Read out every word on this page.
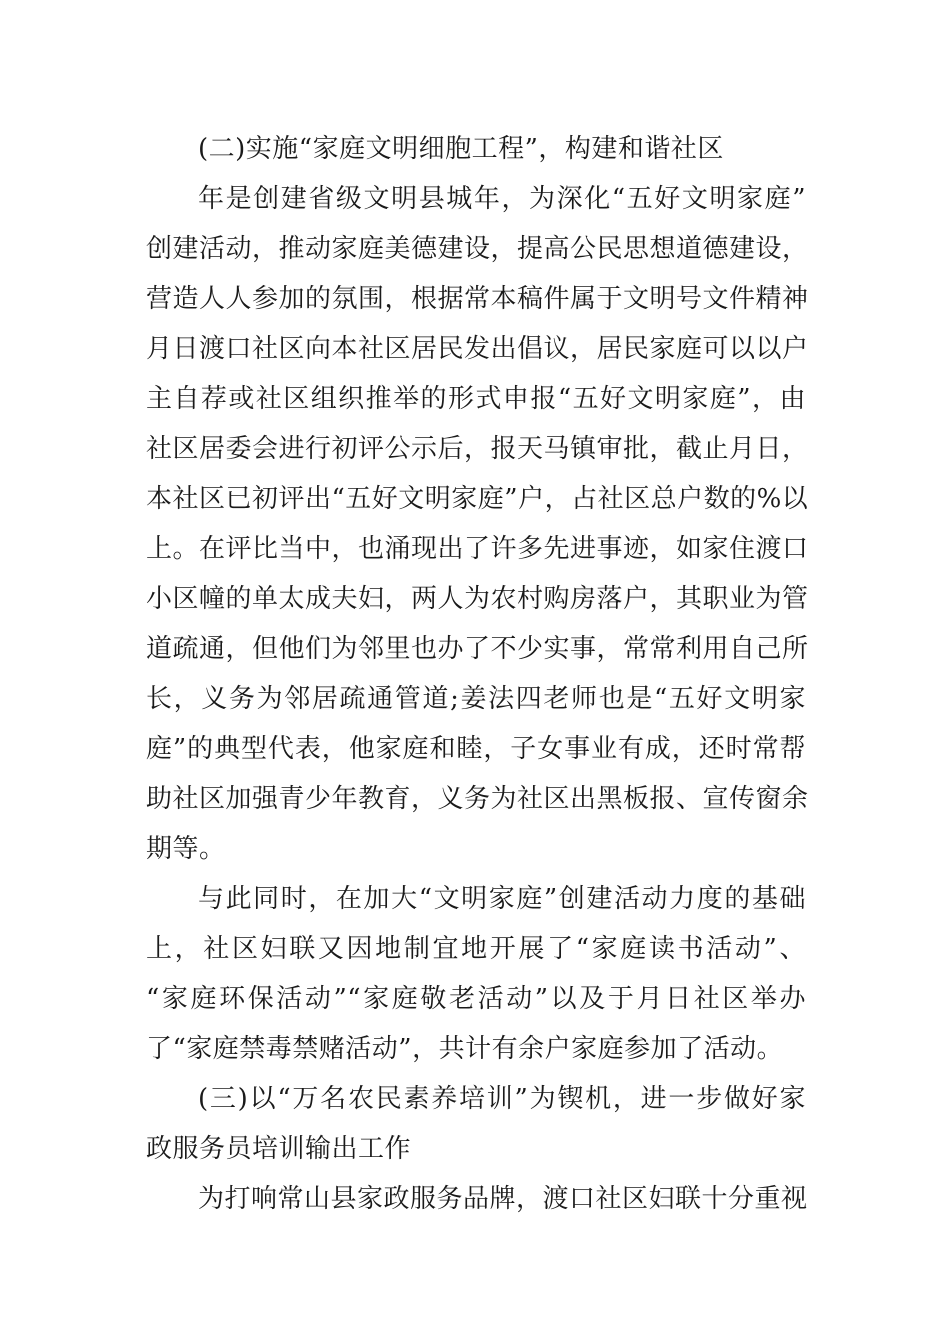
(二)实施“家庭文明细胞工程”，构建和谐社区
年是创建省级文明县城年，为深化“五好文明家庭”
创建活动，推动家庭美德建设，提高公民思想道德建设，
营造人人参加的氛围，根据常本稿件属于文明号文件精神
月日渡口社区向本社区居民发出倡议，居民家庭可以以户
主自荐或社区组织推举的形式申报“五好文明家庭”，由
社区居委会进行初评公示后，报天马镇审批，截止月日，
本社区已初评出“五好文明家庭”户，占社区总户数的%以
上。在评比当中，也涌现出了许多先进事迹，如家住渡口
小区幢的单太成夫妇，两人为农村购房落户，其职业为管
道疏通，但他们为邻里也办了不少实事，常常利用自己所
长，义务为邻居疏通管道;姜法四老师也是“五好文明家
庭”的典型代表，他家庭和睦，子女事业有成，还时常帮
助社区加强青少年教育，义务为社区出黑板报、宣传窗余
期等。
与此同时，在加大“文明家庭”创建活动力度的基础
上，社区妇联又因地制宜地开展了“家庭读书活动”、
“家庭环保活动”“家庭敬老活动”以及于月日社区举办
了“家庭禁毒禁赌活动”，共计有余户家庭参加了活动。
(三)以“万名农民素养培训”为锲机，进一步做好家
政服务员培训输出工作
为打响常山县家政服务品牌，渡口社区妇联十分重视
